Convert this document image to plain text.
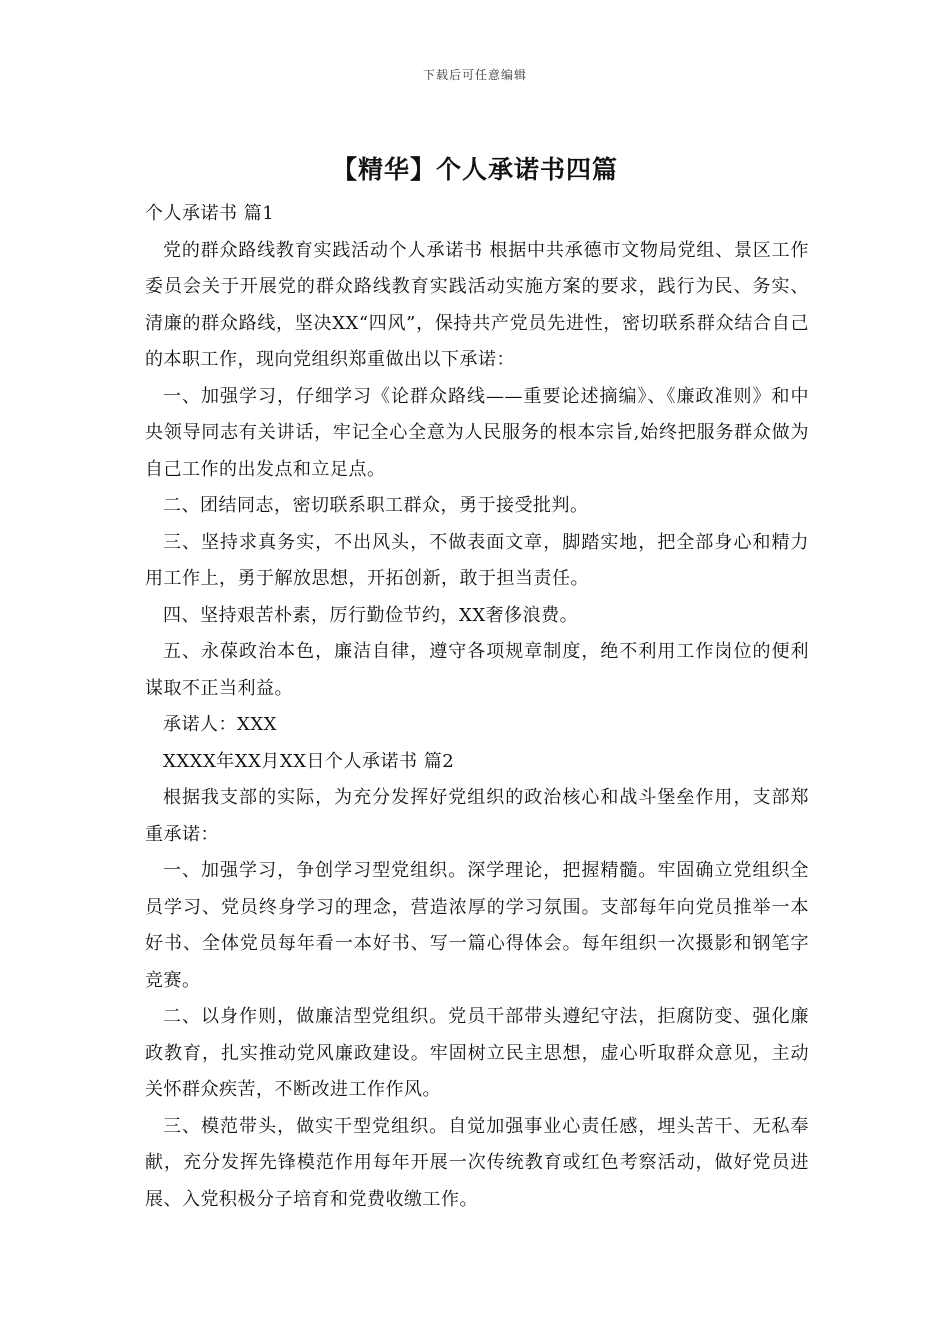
下载后可任意编辑
【精华】个人承诺书四篇

个人承诺书 篇1

党的群众路线教育实践活动个人承诺书 根据中共承德市文物局党组、景区工作委员会关于开展党的群众路线教育实践活动实施方案的要求，践行为民、务实、清廉的群众路线，坚决XX“四风”，保持共产党员先进性，密切联系群众结合自己的本职工作，现向党组织郑重做出以下承诺：

一、加强学习，仔细学习《论群众路线——重要论述摘编》、《廉政准则》和中央领导同志有关讲话，牢记全心全意为人民服务的根本宗旨,始终把服务群众做为自己工作的出发点和立足点。

二、团结同志，密切联系职工群众，勇于接受批判。

三、坚持求真务实，不出风头，不做表面文章，脚踏实地，把全部身心和精力用工作上，勇于解放思想，开拓创新，敢于担当责任。

四、坚持艰苦朴素，厉行勤俭节约，XX奢侈浪费。

五、永葆政治本色，廉洁自律，遵守各项规章制度，绝不利用工作岗位的便利谋取不正当利益。

承诺人：XXX

XXXX年XX月XX日个人承诺书 篇2

根据我支部的实际，为充分发挥好党组织的政治核心和战斗堡垒作用，支部郑重承诺：

一、加强学习，争创学习型党组织。深学理论，把握精髓。牢固确立党组织全员学习、党员终身学习的理念，营造浓厚的学习氛围。支部每年向党员推举一本好书、全体党员每年看一本好书、写一篇心得体会。每年组织一次摄影和钢笔字竞赛。

二、以身作则，做廉洁型党组织。党员干部带头遵纪守法，拒腐防变、强化廉政教育，扎实推动党风廉政建设。牢固树立民主思想，虚心听取群众意见，主动关怀群众疾苦，不断改进工作作风。

三、模范带头，做实干型党组织。自觉加强事业心责任感，埋头苦干、无私奉献，充分发挥先锋模范作用每年开展一次传统教育或红色考察活动，做好党员进展、入党积极分子培育和党费收缴工作。
